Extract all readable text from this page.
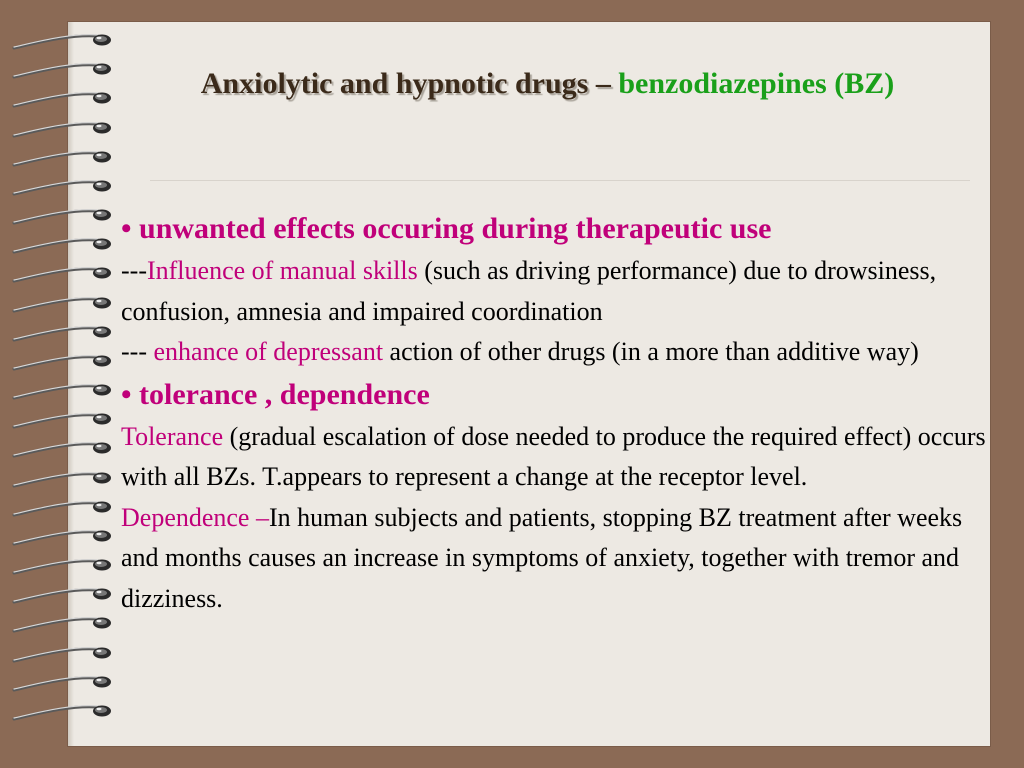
Anxiolytic and hypnotic drugs – benzodiazepines (BZ)

• unwanted effects occuring during therapeutic use

---Influence of manual skills (such as driving performance) due to drowsiness, confusion, amnesia and impaired coordination

--- enhance of depressant action of other drugs (in a more than additive way)

• tolerance , dependence

Tolerance (gradual escalation of dose needed to produce the required effect) occurs with all BZs. T.appears to represent a change at the receptor level.

Dependence –In human subjects and patients, stopping BZ treatment after weeks and months causes an increase in symptoms of anxiety, together with tremor and dizziness.
